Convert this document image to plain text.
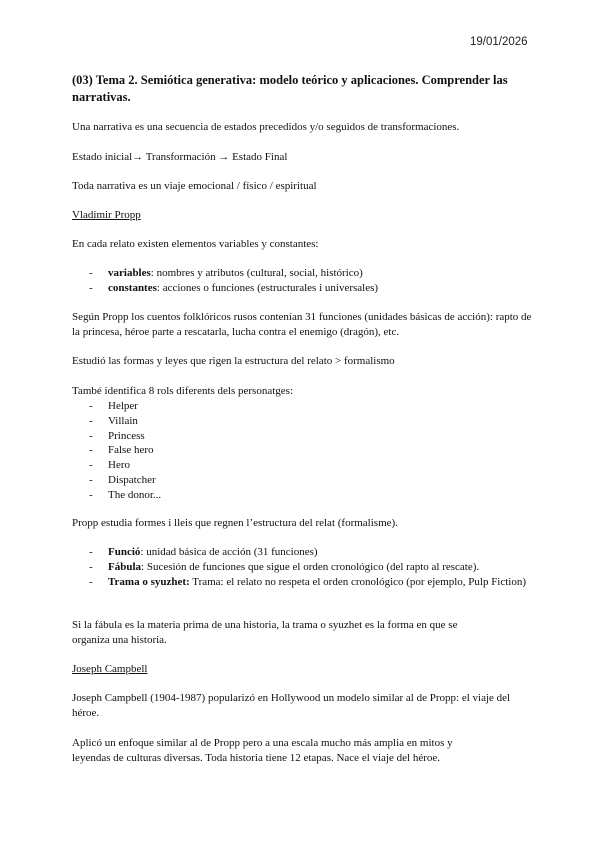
19/01/2026
(03) Tema 2. Semiótica generativa: modelo teórico y aplicaciones. Comprender las narrativas.
Una narrativa es una secuencia de estados precedidos y/o seguidos de transformaciones.
Estado inicial→ Transformación → Estado Final
Toda narrativa es un viaje emocional / físico / espiritual
Vladimir Propp
En cada relato existen elementos variables y constantes:
- variables: nombres y atributos (cultural, social, histórico)
- constantes: acciones o funciones (estructurales i universales)
Según Propp los cuentos folklóricos rusos contenían 31 funciones (unidades básicas de acción): rapto de la princesa, héroe parte a rescatarla, lucha contra el enemigo (dragón), etc.
Estudió las formas y leyes que rigen la estructura del relato > formalismo
També identifica 8 rols diferents dels personatges:
- Helper
- Villain
- Princess
- False hero
- Hero
- Dispatcher
- The donor...
Propp estudia formes i lleis que regnen l’estructura del relat (formalisme).
- Funció: unidad básica de acción (31 funciones)
- Fábula: Sucesión de funciones que sigue el orden cronológico (del rapto al rescate).
- Trama o syuzhet: Trama: el relato no respeta el orden cronológico (por ejemplo, Pulp Fiction)
Si la fábula es la materia prima de una historia, la trama o syuzhet es la forma en que se organiza una historia.
Joseph Campbell
Joseph Campbell (1904-1987) popularizó en Hollywood un modelo similar al de Propp: el viaje del héroe.
Aplicó un enfoque similar al de Propp pero a una escala mucho más amplia en mitos y leyendas de culturas diversas. Toda historia tiene 12 etapas. Nace el viaje del héroe.
